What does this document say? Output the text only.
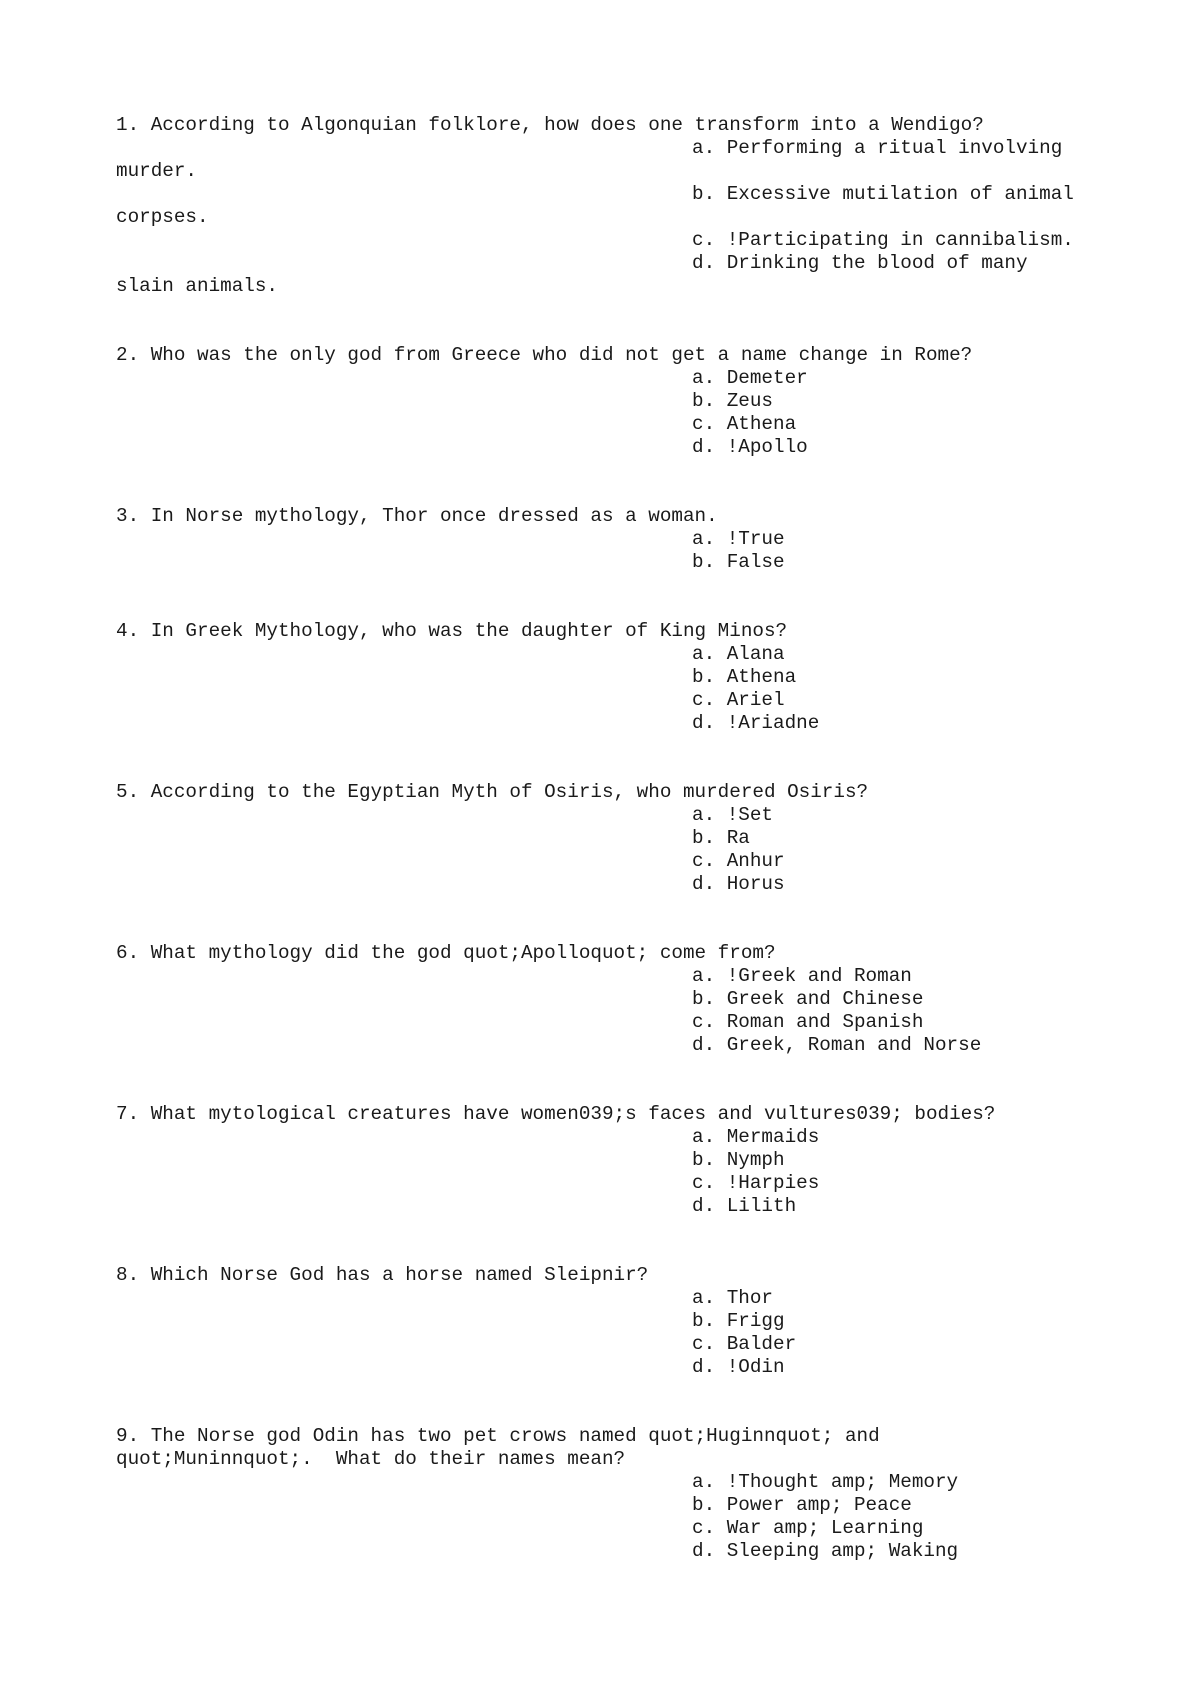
1. According to Algonquian folklore, how does one transform into a Wendigo?

a. Performing a ritual involving

murder.

b. Excessive mutilation of animal

corpses.

c. !Participating in cannibalism.

d. Drinking the blood of many

slain animals.

2. Who was the only god from Greece who did not get a name change in Rome?

a. Demeter

b. Zeus

c. Athena

d. !Apollo

3. In Norse mythology, Thor once dressed as a woman.

a. !True

b. False

4. In Greek Mythology, who was the daughter of King Minos?

a. Alana

b. Athena

c. Ariel

d. !Ariadne

5. According to the Egyptian Myth of Osiris, who murdered Osiris?

a. !Set

b. Ra

c. Anhur

d. Horus

6. What mythology did the god quot;Apolloquot; come from?

a. !Greek and Roman

b. Greek and Chinese

c. Roman and Spanish

d. Greek, Roman and Norse

7. What mytological creatures have women039;s faces and vultures039; bodies?

a. Mermaids

b. Nymph

c. !Harpies

d. Lilith

8. Which Norse God has a horse named Sleipnir?

a. Thor

b. Frigg

c. Balder

d. !Odin

9. The Norse god Odin has two pet crows named quot;Huginnquot; and

quot;Muninnquot;.  What do their names mean?

a. !Thought amp; Memory

b. Power amp; Peace

c. War amp; Learning

d. Sleeping amp; Waking
